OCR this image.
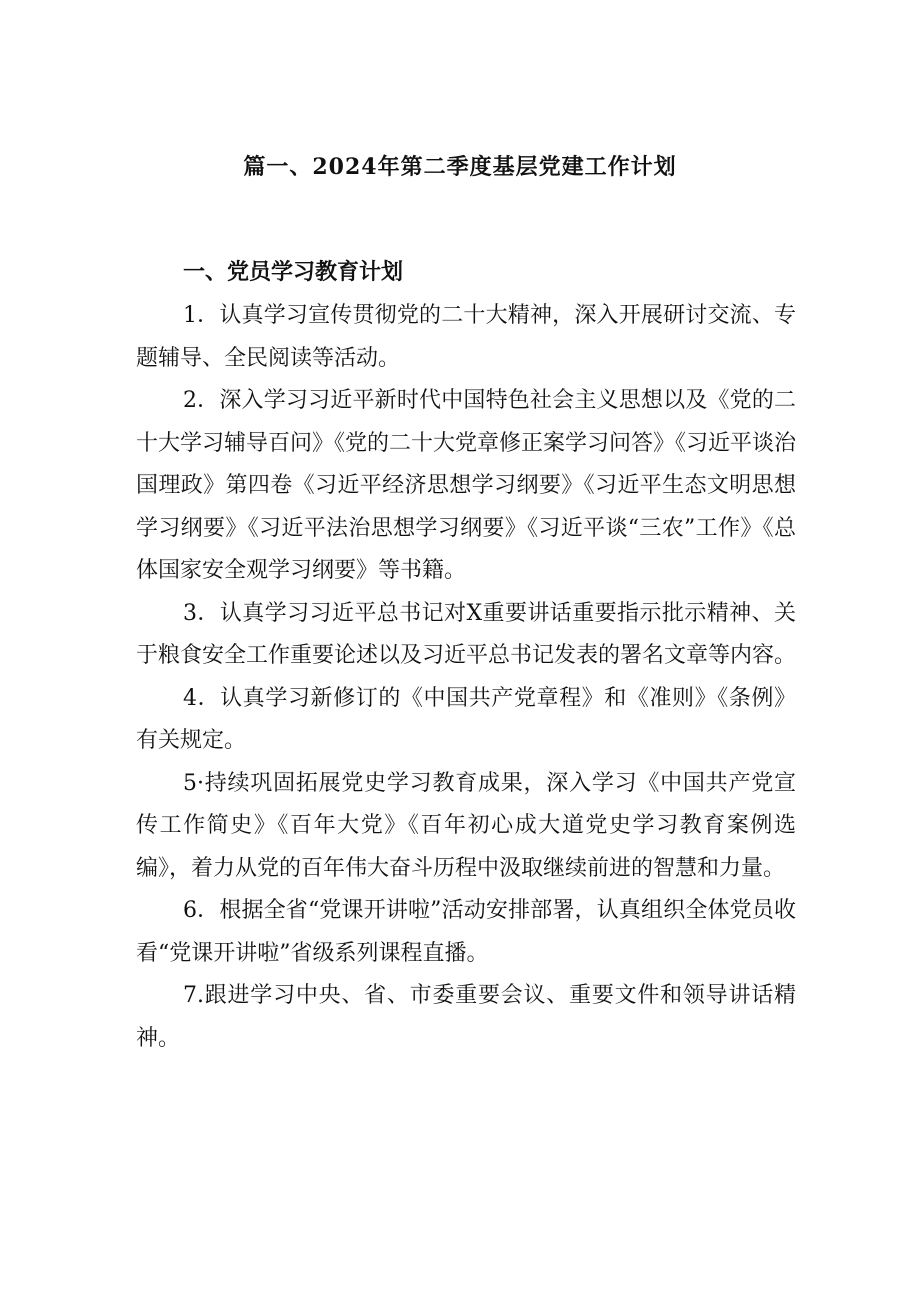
篇一、2024年第二季度基层党建工作计划
一、党员学习教育计划

1．认真学习宣传贯彻党的二十大精神，深入开展研讨交流、专题辅导、全民阅读等活动。

2．深入学习习近平新时代中国特色社会主义思想以及《党的二十大学习辅导百问》《党的二十大党章修正案学习问答》《习近平谈治国理政》第四卷《习近平经济思想学习纲要》《习近平生态文明思想学习纲要》《习近平法治思想学习纲要》《习近平谈“三农”工作》《总体国家安全观学习纲要》等书籍。

3．认真学习习近平总书记对X重要讲话重要指示批示精神、关于粮食安全工作重要论述以及习近平总书记发表的署名文章等内容。

4．认真学习新修订的《中国共产党章程》和《准则》《条例》有关规定。

5·持续巩固拓展党史学习教育成果，深入学习《中国共产党宣传工作简史》《百年大党》《百年初心成大道党史学习教育案例选编》，着力从党的百年伟大奋斗历程中汲取继续前进的智慧和力量。

6．根据全省“党课开讲啦”活动安排部署，认真组织全体党员收看“党课开讲啦”省级系列课程直播。

7.跟进学习中央、省、市委重要会议、重要文件和领导讲话精神。
